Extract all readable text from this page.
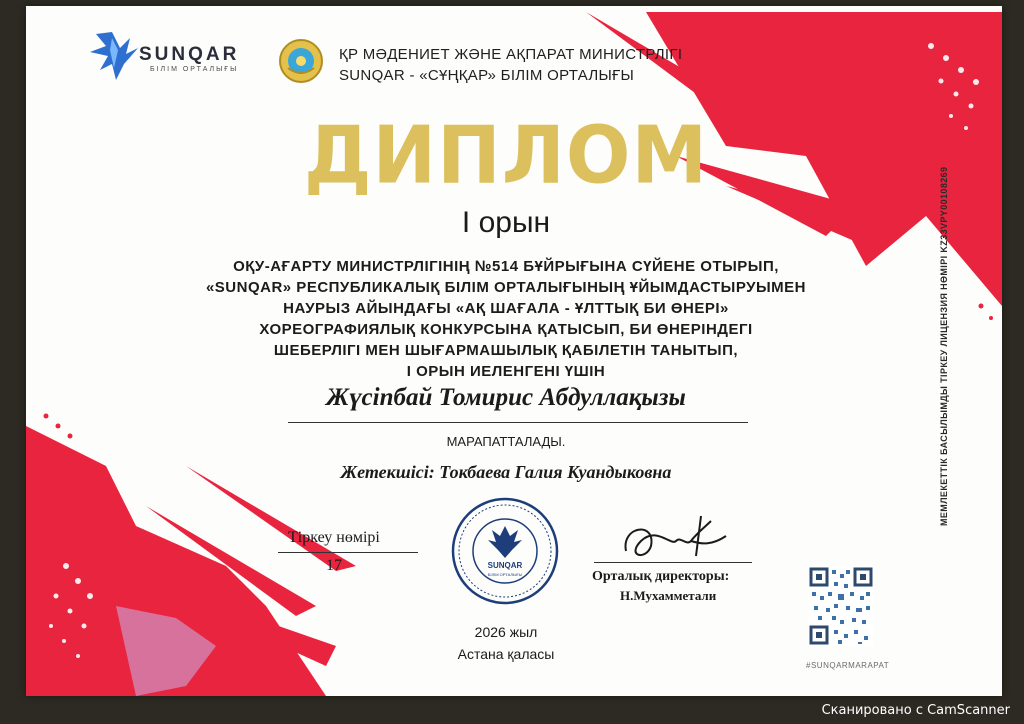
SUNQAR
БІЛІМ ОРТАЛЫҒЫ
ҚР МӘДЕНИЕТ ЖӘНЕ АҚПАРАТ МИНИСТРЛІГІ
SUNQAR - «СҰҢҚАР» БІЛІМ ОРТАЛЫҒЫ
ДИПЛОМ
І орын
ОҚУ-АҒАРТУ МИНИСТРЛІГІНІҢ №514 БҰЙРЫҒЫНА СҮЙЕНЕ ОТЫРЫП,
«SUNQAR» РЕСПУБЛИКАЛЫҚ БІЛІМ ОРТАЛЫҒЫНЫҢ ҰЙЫМДАСТЫРУЫМЕН
НАУРЫЗ АЙЫНДАҒЫ «АҚ ШАҒАЛА - ҰЛТТЫҚ БИ ӨНЕРІ»
ХОРЕОГРАФИЯЛЫҚ КОНКУРСЫНА ҚАТЫСЫП, БИ ӨНЕРІНДЕГІ
ШЕБЕРЛІГІ МЕН ШЫҒАРМАШЫЛЫҚ ҚАБІЛЕТІН ТАНЫТЫП,
І ОРЫН ИЕЛЕНГЕНІ ҮШІН
Жүсіпбай Томирис Абдуллақызы
МАРАПАТТАЛАДЫ.
Жетекшісі: Токбаева Галия Куандыковна
Тіркеу нөмірі
17	SUNQAR
БІЛІМ ОРТАЛЫҒЫ
2026 жыл
Астана қаласы
Орталық директоры:
Н.Мухамметали
#SUNQARMARAPAT
МЕМЛЕКЕТТІК БАСЫЛЫМДЫ ТІРКЕУ ЛИЦЕНЗИЯ НӨМІРІ KZ33VPY00108269
Сканировано с CamScanner
